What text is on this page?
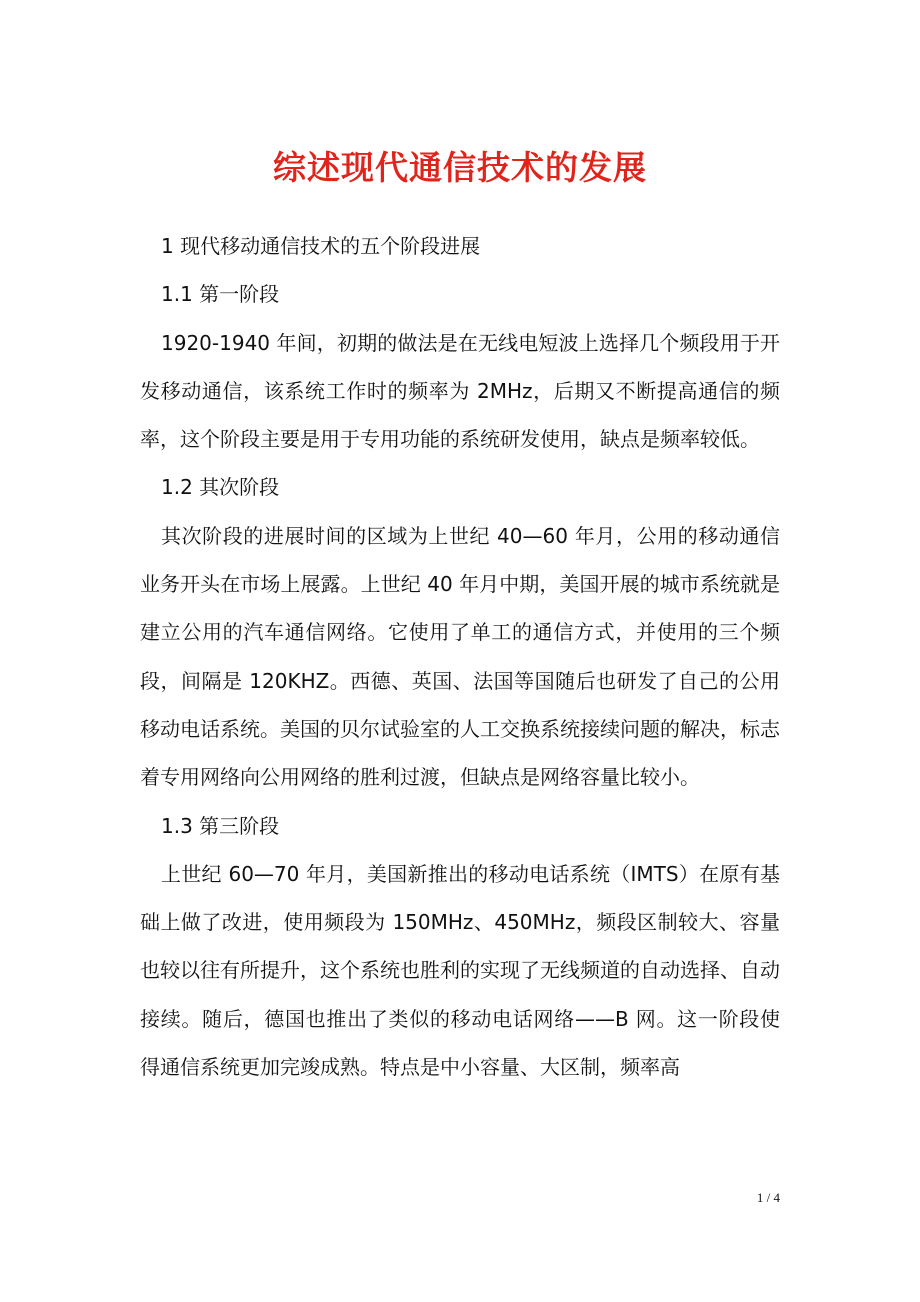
综述现代通信技术的发展

1 现代移动通信技术的五个阶段进展

1.1 第一阶段

1920-1940 年间，初期的做法是在无线电短波上选择几个频段用于开发移动通信，该系统工作时的频率为 2MHz，后期又不断提高通信的频率，这个阶段主要是用于专用功能的系统研发使用，缺点是频率较低。

1.2 其次阶段

其次阶段的进展时间的区域为上世纪 40—60 年月，公用的移动通信业务开头在市场上展露。上世纪 40 年月中期，美国开展的城市系统就是建立公用的汽车通信网络。它使用了单工的通信方式，并使用的三个频段，间隔是 120KHZ。西德、英国、法国等国随后也研发了自己的公用移动电话系统。美国的贝尔试验室的人工交换系统接续问题的解决，标志着专用网络向公用网络的胜利过渡，但缺点是网络容量比较小。

1.3 第三阶段

上世纪 60—70 年月，美国新推出的移动电话系统（IMTS）在原有基础上做了改进，使用频段为 150MHz、450MHz，频段区制较大、容量也较以往有所提升，这个系统也胜利的实现了无线频道的自动选择、自动接续。随后，德国也推出了类似的移动电话网络——B 网。这一阶段使得通信系统更加完竣成熟。特点是中小容量、大区制，频率高

1 / 4
